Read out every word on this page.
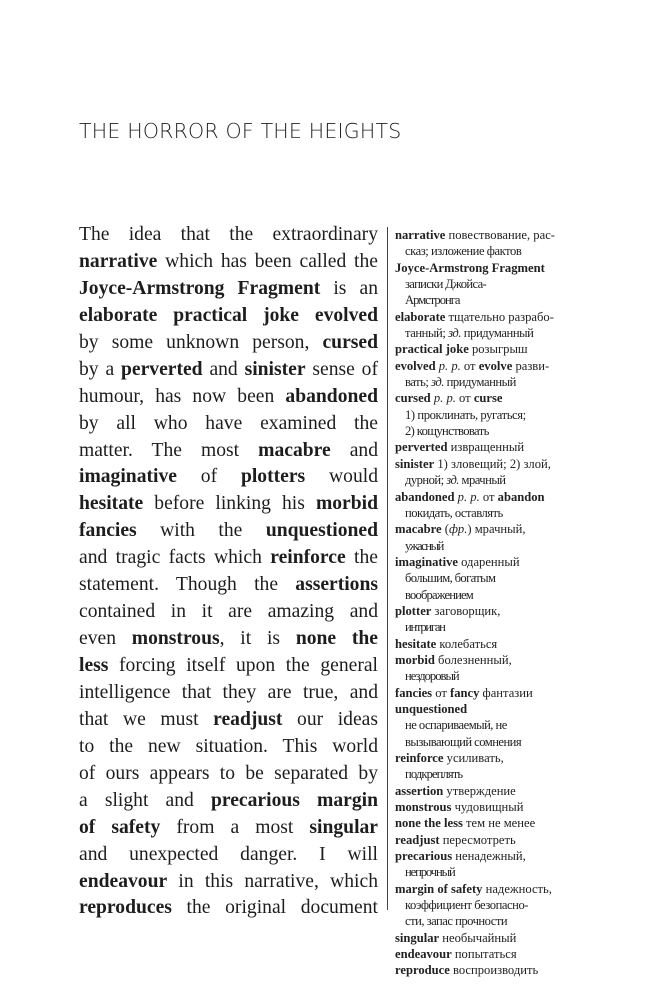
THE HORROR OF THE HEIGHTS
The idea that the extraordinary
narrative which has been called the
Joyce-Armstrong Fragment is an
elaborate practical joke evolved
by some unknown person, cursed
by a perverted and sinister sense of
humour, has now been abandoned
by all who have examined the
matter. The most macabre and
imaginative of plotters would
hesitate before linking his morbid
fancies with the unquestioned
and tragic facts which reinforce the
statement. Though the assertions
contained in it are amazing and
even monstrous, it is none the
less forcing itself upon the general
intelligence that they are true, and
that we must readjust our ideas
to the new situation. This world
of ours appears to be separated by
a slight and precarious margin
of safety from a most singular
and unexpected danger. I will
endeavour in this narrative, which
reproduces the original document
narrative повествование, рас-
сказ; изложение фактов
Joyce-Armstrong Fragment
записки Джойса-
Армстронга
elaborate тщательно разрабо-
танный; зд. придуманный
practical joke розыгрыш
evolved p. p. от evolve разви-
вать; зд. придуманный
cursed p. p. от curse
1) проклинать, ругаться;
2) кощунствовать
perverted извращенный
sinister 1) зловещий; 2) злой,
дурной; зд. мрачный
abandoned p. p. от abandon
покидать, оставлять
macabre (фр.) мрачный,
ужасный
imaginative одаренный
большим, богатым
воображением
plotter заговорщик,
интриган
hesitate колебаться
morbid болезненный,
нездоровый
fancies от fancy фантазии
unquestioned
не оспариваемый, не
вызывающий сомнения
reinforce усиливать,
подкреплять
assertion утверждение
monstrous чудовищный
none the less тем не менее
readjust пересмотреть
precarious ненадежный,
непрочный
margin of safety надежность,
коэффициент безопасно-
сти, запас прочности
singular необычайный
endeavour попытаться
reproduce воспроизводить
